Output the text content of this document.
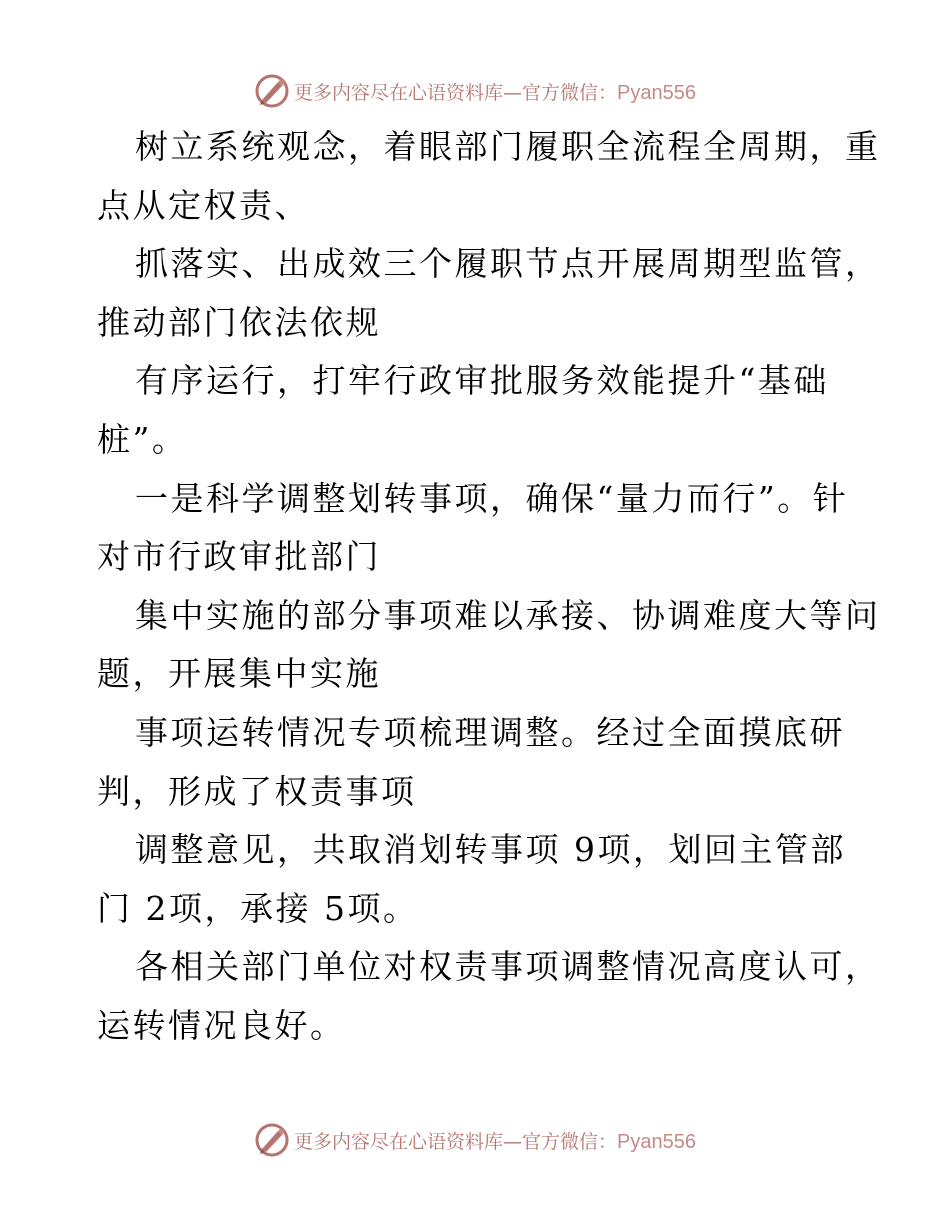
更多内容尽在心语资料库—官方微信：Pyan556
树立系统观念，着眼部门履职全流程全周期，重
点从定权责、
抓落实、出成效三个履职节点开展周期型监管，
推动部门依法依规
有序运行，打牢行政审批服务效能提升“基础
桩”。
一是科学调整划转事项，确保“量力而行”。针
对市行政审批部门
集中实施的部分事项难以承接、协调难度大等问
题，开展集中实施
事项运转情况专项梳理调整。经过全面摸底研
判，形成了权责事项
调整意见，共取消划转事项 9项，划回主管部
门 2项，承接 5项。
各相关部门单位对权责事项调整情况高度认可，
运转情况良好。
更多内容尽在心语资料库—官方微信：Pyan556
